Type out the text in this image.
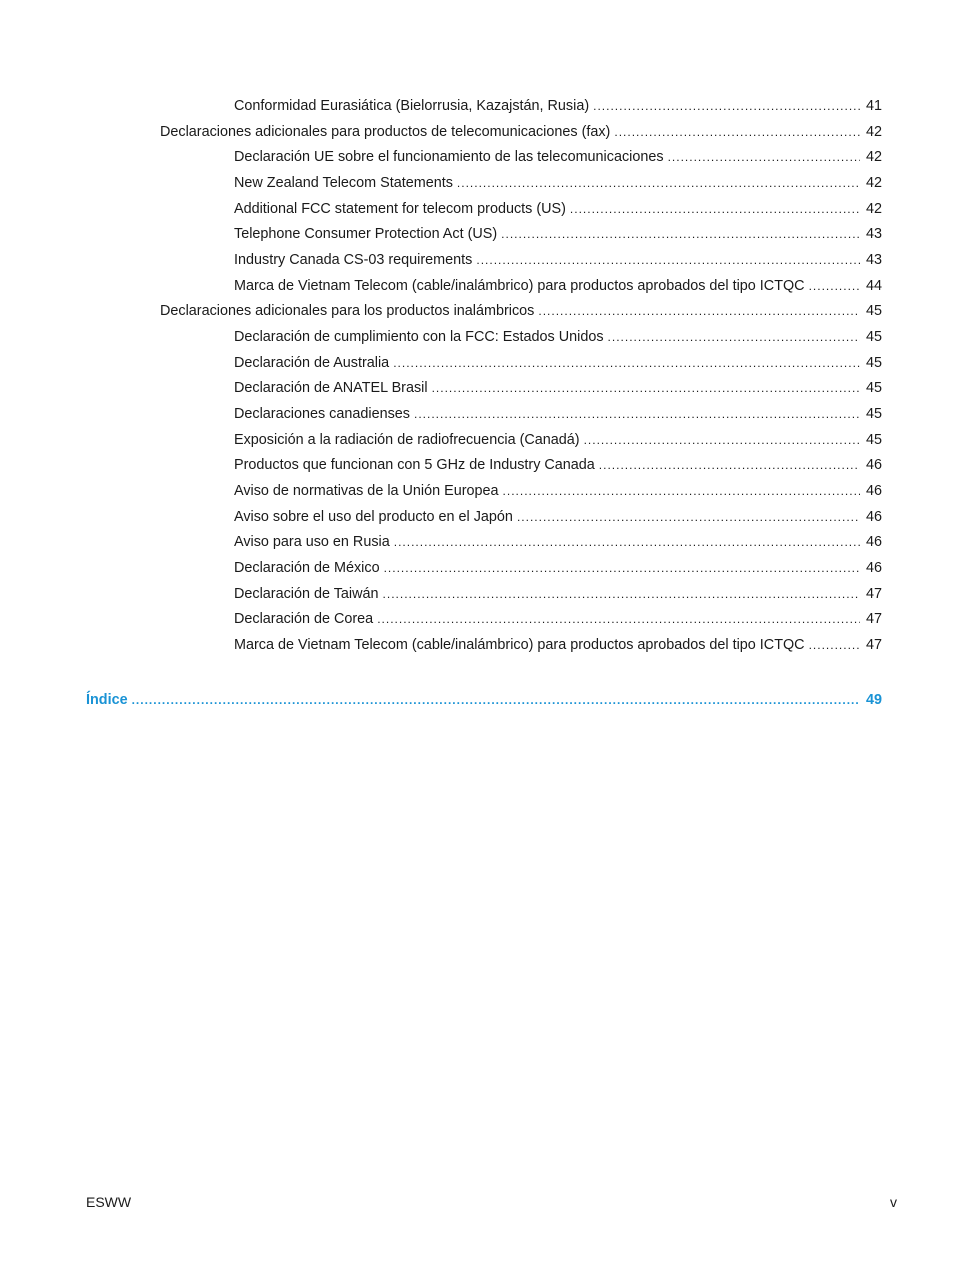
Conformidad Eurasiática (Bielorrusia, Kazajstán, Rusia) .....	41
Declaraciones adicionales para productos de telecomunicaciones (fax) .....	42
Declaración UE sobre el funcionamiento de las telecomunicaciones .....	42
New Zealand Telecom Statements .....	42
Additional FCC statement for telecom products (US) .....	42
Telephone Consumer Protection Act (US) .....	43
Industry Canada CS-03 requirements .....	43
Marca de Vietnam Telecom (cable/inalámbrico) para productos aprobados del tipo ICTQC .....	44
Declaraciones adicionales para los productos inalámbricos .....	45
Declaración de cumplimiento con la FCC: Estados Unidos .....	45
Declaración de Australia .....	45
Declaración de ANATEL Brasil .....	45
Declaraciones canadienses .....	45
Exposición a la radiación de radiofrecuencia (Canadá) .....	45
Productos que funcionan con 5 GHz de Industry Canada .....	46
Aviso de normativas de la Unión Europea .....	46
Aviso sobre el uso del producto en el Japón .....	46
Aviso para uso en Rusia .....	46
Declaración de México .....	46
Declaración de Taiwán .....	47
Declaración de Corea .....	47
Marca de Vietnam Telecom (cable/inalámbrico) para productos aprobados del tipo ICTQC .....	47
Índice .....	49
ESWW	v
